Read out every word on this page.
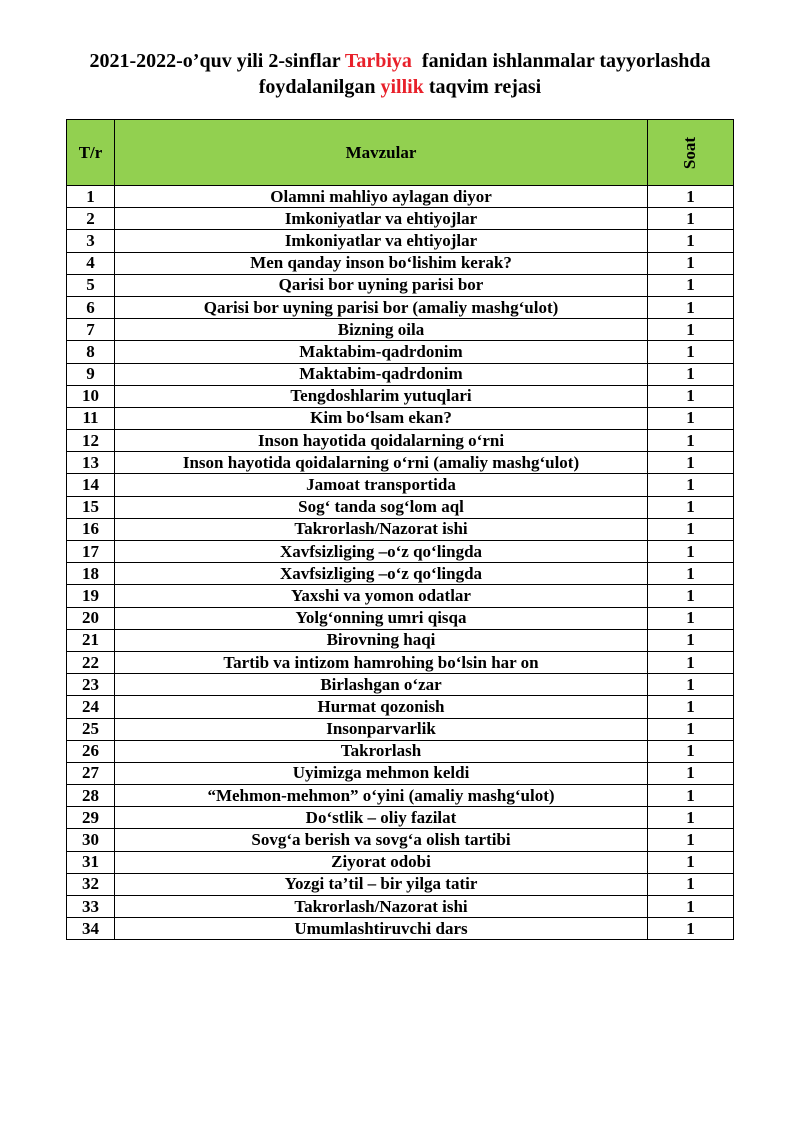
2021-2022-o’quv yili 2-sinflar Tarbiya  fanidan ishlanmalar tayyorlashda
foydalanilgan yillik taqvim rejasi
T/r	Mavzular	Soat
1	Olamni mahliyo aylagan diyor	1
2	Imkoniyatlar va ehtiyojlar	1
3	Imkoniyatlar va ehtiyojlar	1
4	Men qanday inson bo‘lishim kerak?	1
5	Qarisi bor uyning parisi bor	1
6	Qarisi bor uyning parisi bor (amaliy mashg‘ulot)	1
7	Bizning oila	1
8	Maktabim-qadrdonim	1
9	Maktabim-qadrdonim	1
10	Tengdoshlarim yutuqlari	1
11	Kim bo‘lsam ekan?	1
12	Inson hayotida qoidalarning o‘rni	1
13	Inson hayotida qoidalarning o‘rni (amaliy mashg‘ulot)	1
14	Jamoat transportida	1
15	Sog‘ tanda sog‘lom aql	1
16	Takrorlash/Nazorat ishi	1
17	Xavfsizliging –o‘z qo‘lingda	1
18	Xavfsizliging –o‘z qo‘lingda	1
19	Yaxshi va yomon odatlar	1
20	Yolg‘onning umri qisqa	1
21	Birovning haqi	1
22	Tartib va intizom hamrohing bo‘lsin har on	1
23	Birlashgan o‘zar	1
24	Hurmat qozonish	1
25	Insonparvarlik	1
26	Takrorlash	1
27	Uyimizga mehmon keldi	1
28	“Mehmon-mehmon” o‘yini (amaliy mashg‘ulot)	1
29	Do‘stlik – oliy fazilat	1
30	Sovg‘a berish va sovg‘a olish tartibi	1
31	Ziyorat odobi	1
32	Yozgi ta’til – bir yilga tatir	1
33	Takrorlash/Nazorat ishi	1
34	Umumlashtiruvchi dars	1
